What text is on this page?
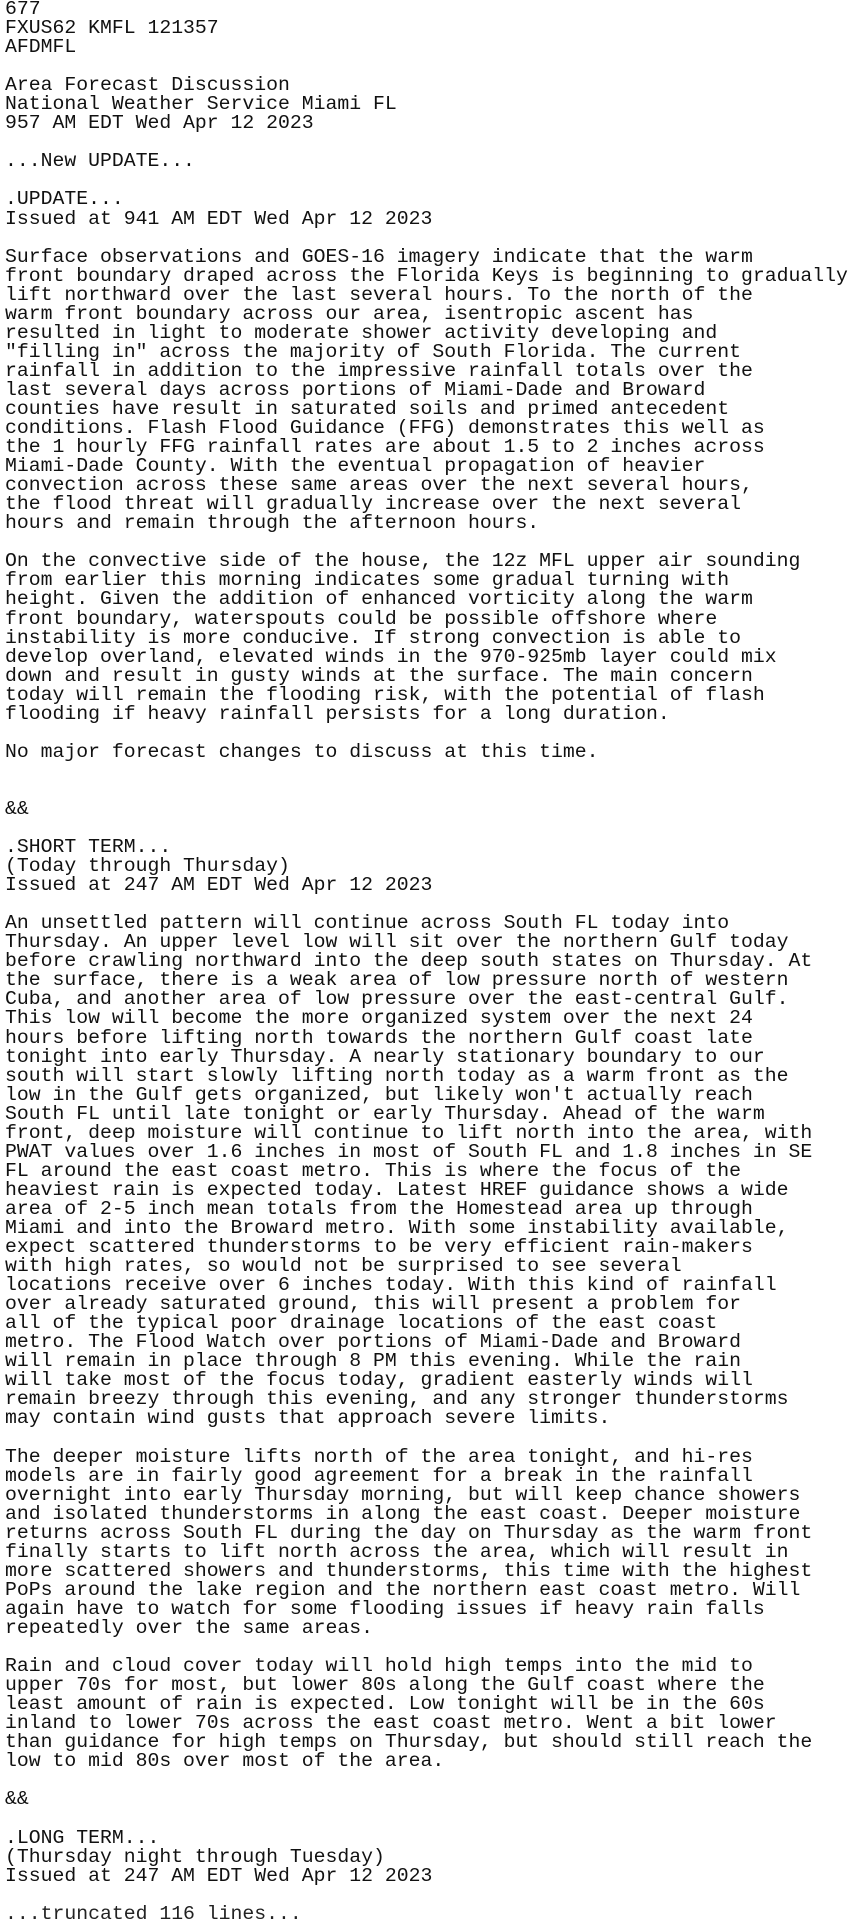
677
FXUS62 KMFL 121357
AFDMFL

Area Forecast Discussion
National Weather Service Miami FL
957 AM EDT Wed Apr 12 2023

...New UPDATE...

.UPDATE...
Issued at 941 AM EDT Wed Apr 12 2023

Surface observations and GOES-16 imagery indicate that the warm
front boundary draped across the Florida Keys is beginning to gradually
lift northward over the last several hours. To the north of the
warm front boundary across our area, isentropic ascent has
resulted in light to moderate shower activity developing and
"filling in" across the majority of South Florida. The current
rainfall in addition to the impressive rainfall totals over the
last several days across portions of Miami-Dade and Broward
counties have result in saturated soils and primed antecedent
conditions. Flash Flood Guidance (FFG) demonstrates this well as
the 1 hourly FFG rainfall rates are about 1.5 to 2 inches across
Miami-Dade County. With the eventual propagation of heavier
convection across these same areas over the next several hours,
the flood threat will gradually increase over the next several
hours and remain through the afternoon hours.

On the convective side of the house, the 12z MFL upper air sounding
from earlier this morning indicates some gradual turning with
height. Given the addition of enhanced vorticity along the warm
front boundary, waterspouts could be possible offshore where
instability is more conducive. If strong convection is able to
develop overland, elevated winds in the 970-925mb layer could mix
down and result in gusty winds at the surface. The main concern
today will remain the flooding risk, with the potential of flash
flooding if heavy rainfall persists for a long duration.

No major forecast changes to discuss at this time.

&&

.SHORT TERM...
(Today through Thursday)
Issued at 247 AM EDT Wed Apr 12 2023

An unsettled pattern will continue across South FL today into
Thursday. An upper level low will sit over the northern Gulf today
before crawling northward into the deep south states on Thursday. At
the surface, there is a weak area of low pressure north of western
Cuba, and another area of low pressure over the east-central Gulf.
This low will become the more organized system over the next 24
hours before lifting north towards the northern Gulf coast late
tonight into early Thursday. A nearly stationary boundary to our
south will start slowly lifting north today as a warm front as the
low in the Gulf gets organized, but likely won't actually reach
South FL until late tonight or early Thursday. Ahead of the warm
front, deep moisture will continue to lift north into the area, with
PWAT values over 1.6 inches in most of South FL and 1.8 inches in SE
FL around the east coast metro. This is where the focus of the
heaviest rain is expected today. Latest HREF guidance shows a wide
area of 2-5 inch mean totals from the Homestead area up through
Miami and into the Broward metro. With some instability available,
expect scattered thunderstorms to be very efficient rain-makers
with high rates, so would not be surprised to see several
locations receive over 6 inches today. With this kind of rainfall
over already saturated ground, this will present a problem for
all of the typical poor drainage locations of the east coast
metro. The Flood Watch over portions of Miami-Dade and Broward
will remain in place through 8 PM this evening. While the rain
will take most of the focus today, gradient easterly winds will
remain breezy through this evening, and any stronger thunderstorms
may contain wind gusts that approach severe limits.

The deeper moisture lifts north of the area tonight, and hi-res
models are in fairly good agreement for a break in the rainfall
overnight into early Thursday morning, but will keep chance showers
and isolated thunderstorms in along the east coast. Deeper moisture
returns across South FL during the day on Thursday as the warm front
finally starts to lift north across the area, which will result in
more scattered showers and thunderstorms, this time with the highest
PoPs around the lake region and the northern east coast metro. Will
again have to watch for some flooding issues if heavy rain falls
repeatedly over the same areas.

Rain and cloud cover today will hold high temps into the mid to
upper 70s for most, but lower 80s along the Gulf coast where the
least amount of rain is expected. Low tonight will be in the 60s
inland to lower 70s across the east coast metro. Went a bit lower
than guidance for high temps on Thursday, but should still reach the
low to mid 80s over most of the area.

&&

.LONG TERM...
(Thursday night through Tuesday)
Issued at 247 AM EDT Wed Apr 12 2023

...truncated 116 lines...
